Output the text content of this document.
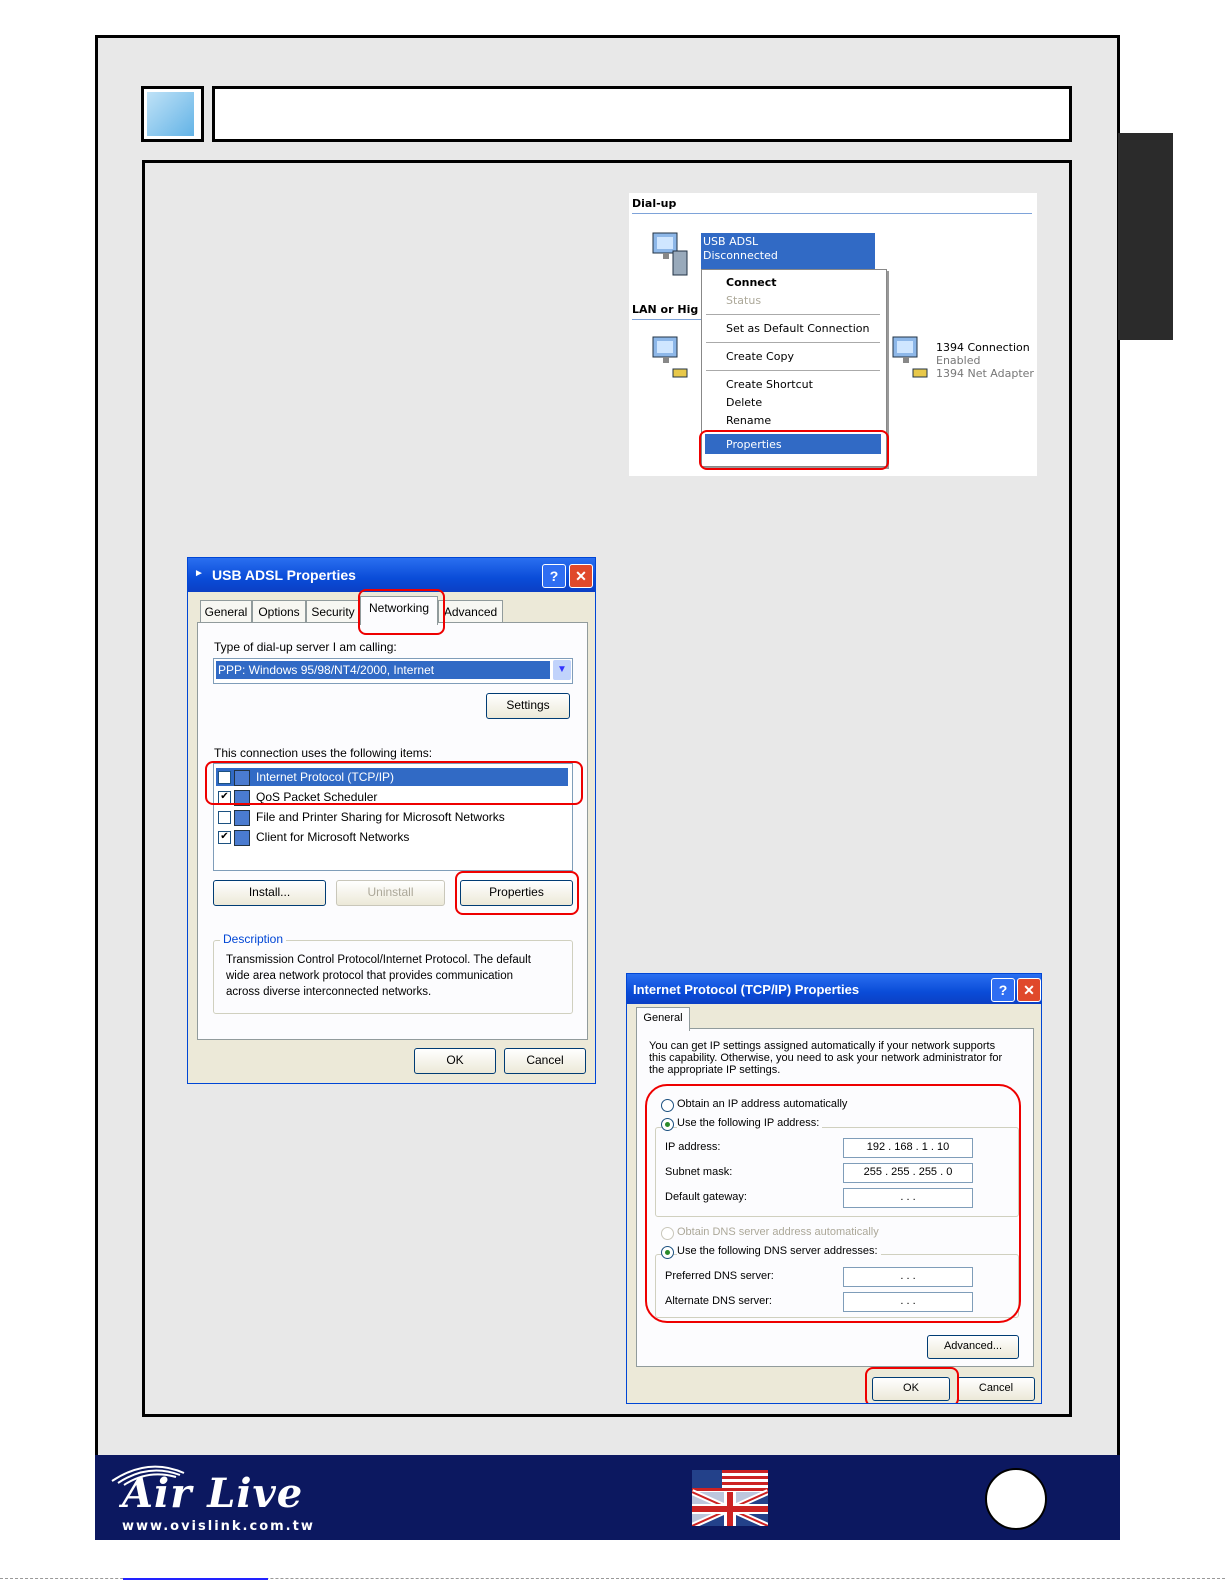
Dial-up
USB ADSL
Disconnected
LAN or Hig
1394 Connection
Enabled
1394 Net Adapter
Connect
Status
Set as Default Connection
Create Copy
Create Shortcut
Delete
Rename
Properties
► USB ADSL Properties	?	✕
General Options Security	Advanced
Networking
Type of dial-up server I am calling:
PPP: Windows 95/98/NT4/2000, Internet	▼
Settings
This connection uses the following items:
✔ Internet Protocol (TCP/IP)
✔ QoS Packet Scheduler
File and Printer Sharing for Microsoft Networks
✔ Client for Microsoft Networks
Install...	Uninstall	Properties
Description
Transmission Control Protocol/Internet Protocol. The default
wide area network protocol that provides communication
across diverse interconnected networks.
OK	Cancel
Internet Protocol (TCP/IP) Properties	?	✕
General
You can get IP settings assigned automatically if your network supports
this capability. Otherwise, you need to ask your network administrator for
the appropriate IP settings.
Obtain an IP address automatically
Use the following IP address:
IP address:	192 . 168 . 1 . 10
Subnet mask:	255 . 255 . 255 . 0
Default gateway:	. . .
Obtain DNS server address automatically
Use the following DNS server addresses:
Preferred DNS server:	. . .
Alternate DNS server:	. . .
Advanced...
OK	Cancel
Air Live
www.ovislink.com.tw
